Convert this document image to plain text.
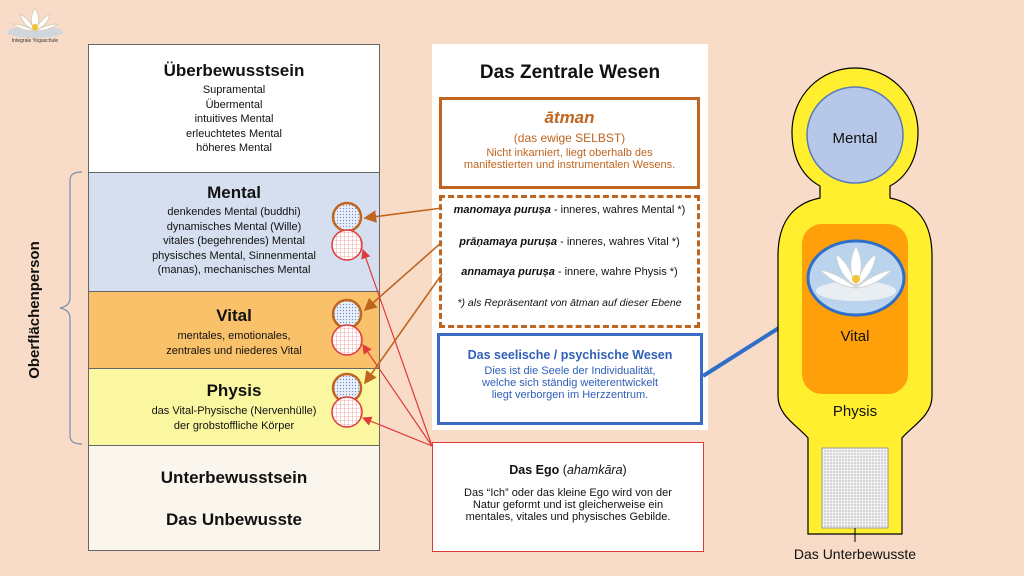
Integrale Yogaschule
Oberflächenperson
Überbewusstsein
Supramental
Übermental
intuitives Mental
erleuchtetes Mental
höheres Mental
Mental
denkendes Mental (buddhi)
dynamisches Mental (Wille)
vitales (begehrendes) Mental
physisches Mental, Sinnenmental
(manas), mechanisches Mental
Vital
mentales, emotionales,
zentrales und niederes Vital
Physis
das Vital-Physische (Nervenhülle)
der grobstoffliche Körper
Unterbewusstsein
Das Unbewusste
Das Zentrale Wesen
ātman
(das ewige SELBST)
Nicht inkarniert, liegt oberhalb des
manifestierten und instrumentalen Wesens.
manomaya puruṣa - inneres, wahres Mental *)
prāṇamaya puruṣa - inneres, wahres Vital *)
annamaya puruṣa - innere, wahre Physis *)
*) als Repräsentant von ātman auf dieser Ebene
Das seelische / psychische Wesen
Dies ist die Seele der Individualität,
welche sich ständig weiterentwickelt
liegt verborgen im Herzzentrum.
Das Ego (ahamkāra)
Das “Ich” oder das kleine Ego wird von der
Natur geformt und ist gleicherweise ein
mentales, vitales und physisches Gebilde.
Mental
Vital
Physis
Das Unterbewusste
